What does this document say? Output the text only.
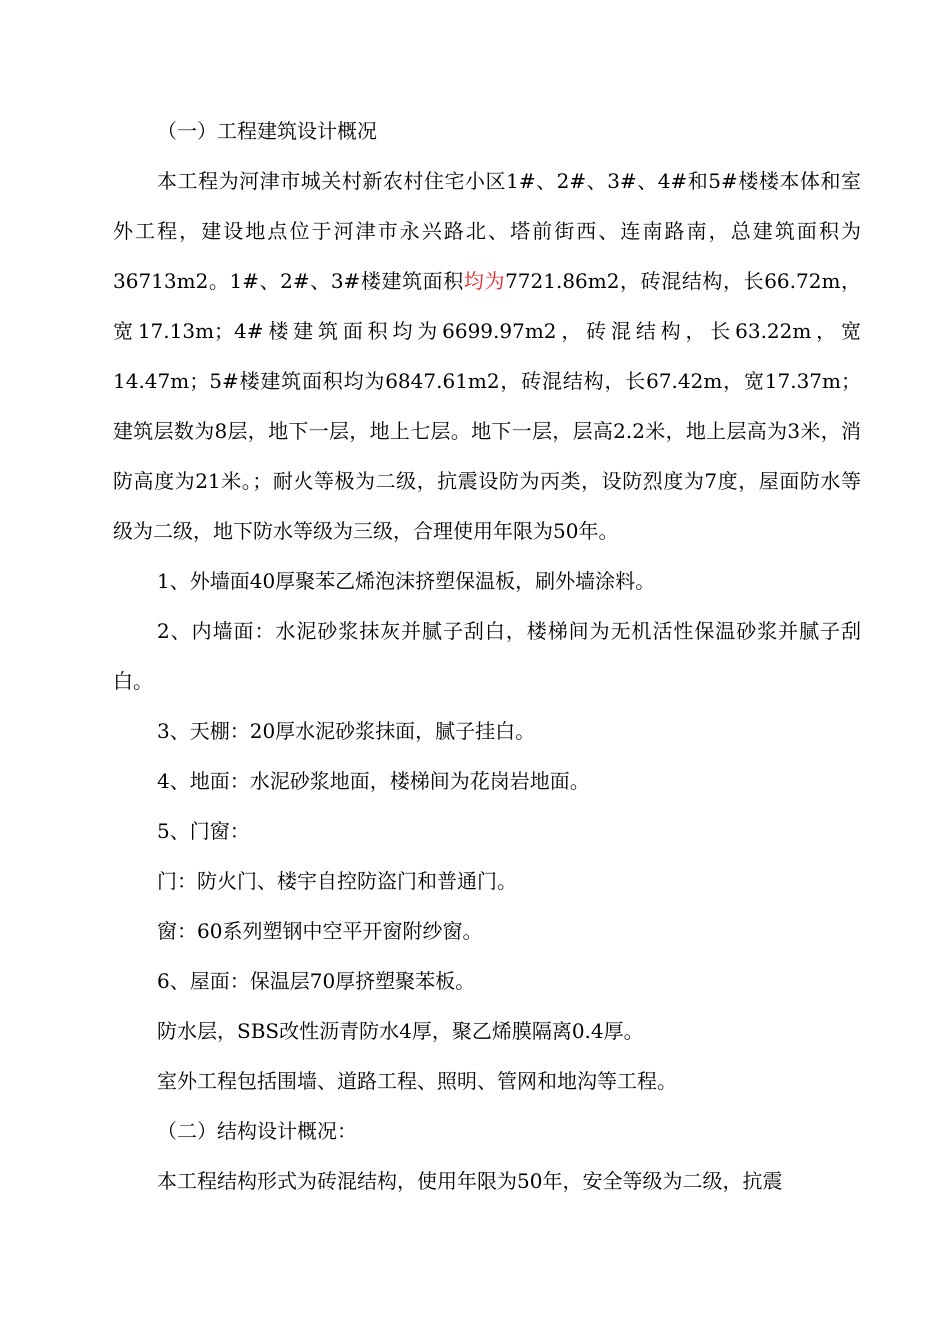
（一）工程建筑设计概况

本工程为河津市城关村新农村住宅小区1#、2#、3#、4#和5#楼楼本体和室外工程，建设地点位于河津市永兴路北、塔前街西、连南路南，总建筑面积为36713m2。1#、2#、3#楼建筑面积均为7721.86m2，砖混结构，长66.72m，宽17.13m；4#楼建筑面积均为6699.97m2，砖混结构，长63.22m，宽14.47m；5#楼建筑面积均为6847.61m2，砖混结构，长67.42m，宽17.37m；建筑层数为8层，地下一层，地上七层。地下一层，层高2.2米，地上层高为3米，消防高度为21米。；耐火等极为二级，抗震设防为丙类，设防烈度为7度，屋面防水等级为二级，地下防水等级为三级，合理使用年限为50年。

1、外墙面40厚聚苯乙烯泡沫挤塑保温板，刷外墙涂料。

2、内墙面：水泥砂浆抹灰并腻子刮白，楼梯间为无机活性保温砂浆并腻子刮白。

3、天棚：20厚水泥砂浆抹面，腻子挂白。

4、地面：水泥砂浆地面，楼梯间为花岗岩地面。

5、门窗：

门：防火门、楼宇自控防盗门和普通门。

窗：60系列塑钢中空平开窗附纱窗。

6、屋面：保温层70厚挤塑聚苯板。

防水层，SBS改性沥青防水4厚，聚乙烯膜隔离0.4厚。

室外工程包括围墙、道路工程、照明、管网和地沟等工程。

（二）结构设计概况：

本工程结构形式为砖混结构，使用年限为50年，安全等级为二级，抗震
